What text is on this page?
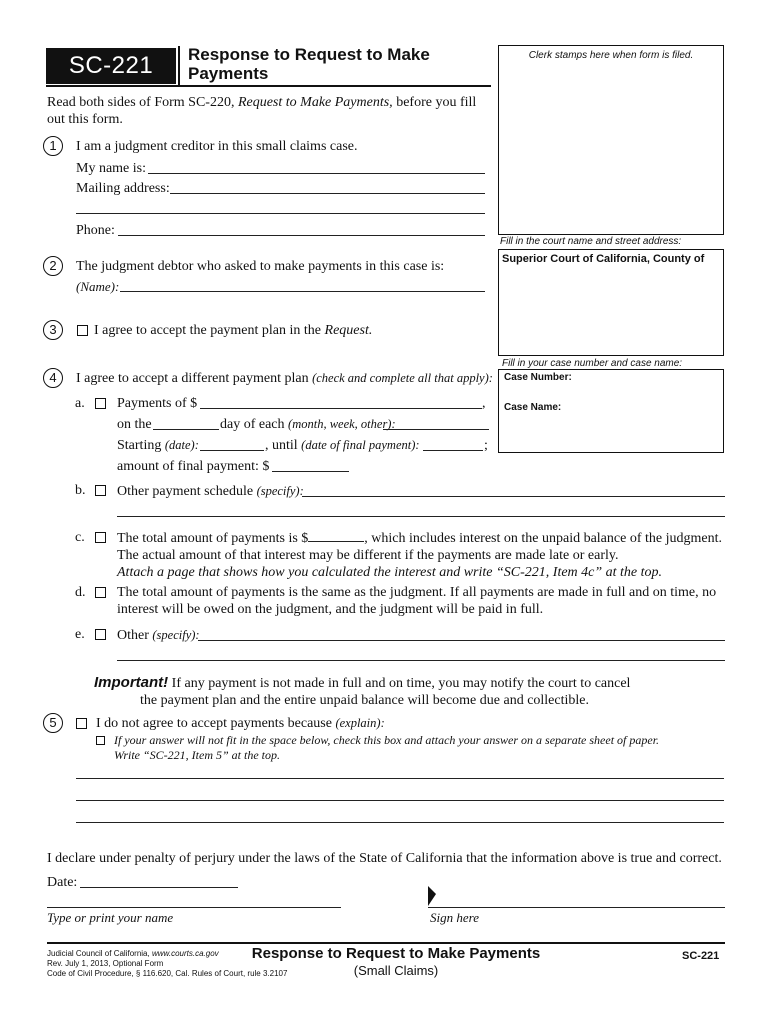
SC-221	Response to Request to Make
Payments
Clerk stamps here when form is filed.
Fill in the court name and street address:
Superior Court of California, County of
Fill in your case number and case name:
Case Number:
Case Name:
Read both sides of Form SC-220, Request to Make Payments, before you fill out this form.
1	I am a judgment creditor in this small claims case.
My name is:
Mailing address:
Phone:
2	The judgment debtor who asked to make payments in this case is:
(Name):
3	I agree to accept the payment plan in the Request.
4	I agree to accept a different payment plan (check and complete all that apply):
a. Payments of $	,
on the	day of each (month, week, other):
Starting (date):	, until (date of final payment):	;
amount of final payment: $
b. Other payment schedule (specify):
c. The total amount of payments is $	, which includes interest on the unpaid balance of the judgment.
The actual amount of that interest may be different if the payments are made late or early.
Attach a page that shows how you calculated the interest and write “SC-221, Item 4c” at the top.
d. The total amount of payments is the same as the judgment. If all payments are made in full and on time, no
interest will be owed on the judgment, and the judgment will be paid in full.
e. Other (specify):
Important! If any payment is not made in full and on time, you may notify the court to cancel
the payment plan and the entire unpaid balance will become due and collectible.
5	I do not agree to accept payments because (explain):
If your answer will not fit in the space below, check this box and attach your answer on a separate sheet of paper.
Write “SC-221, Item 5” at the top.
I declare under penalty of perjury under the laws of the State of California that the information above is true and correct.
Date:
Type or print your name	Sign here
Judicial Council of California, www.courts.ca.gov
Rev. July 1, 2013, Optional Form
Code of Civil Procedure, § 116.620, Cal. Rules of Court, rule 3.2107
Response to Request to Make Payments
(Small Claims)
SC-221
